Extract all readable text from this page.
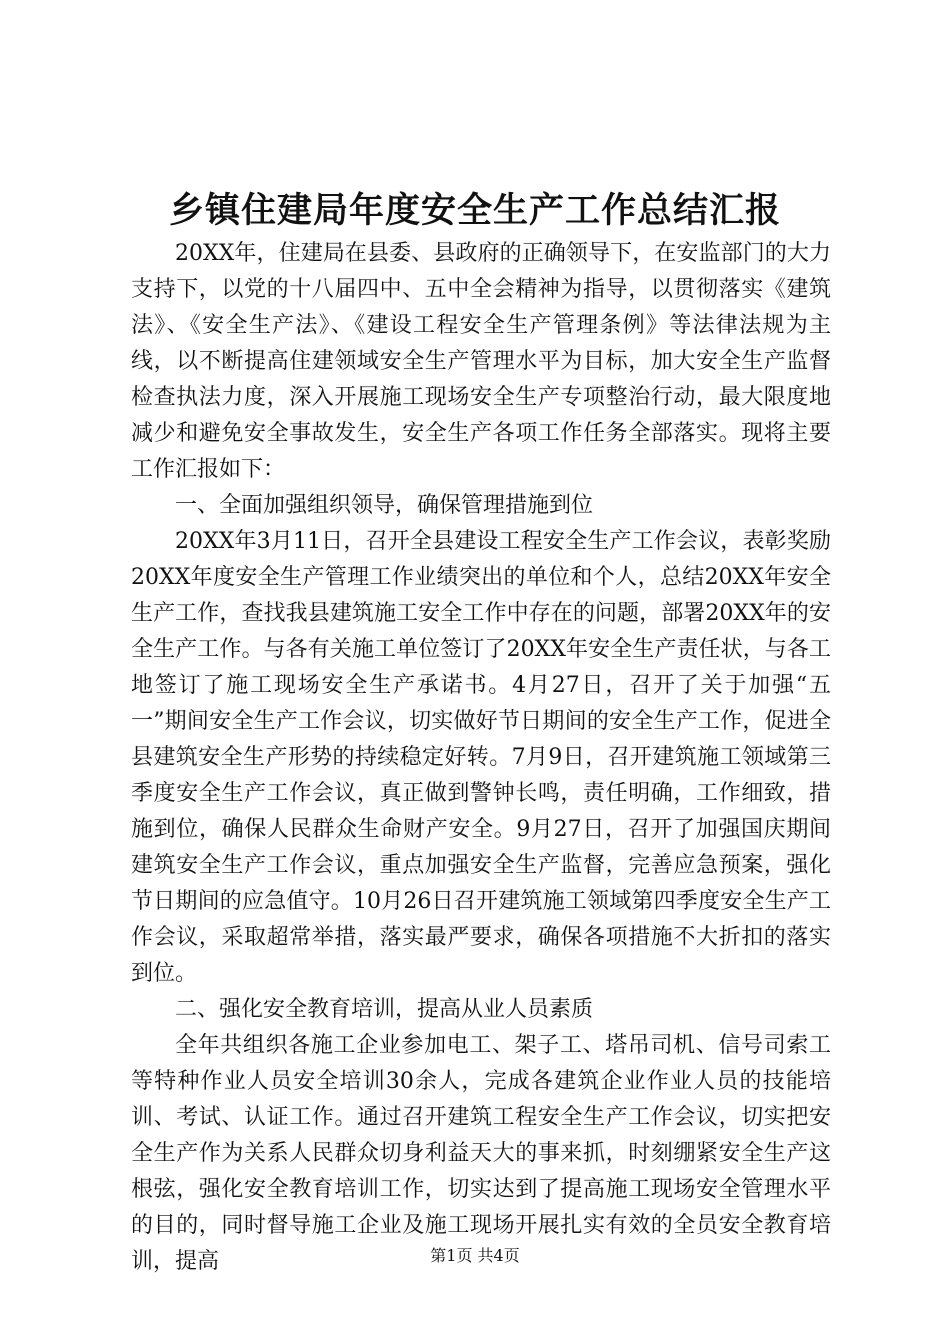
乡镇住建局年度安全生产工作总结汇报

20XX年，住建局在县委、县政府的正确领导下，在安监部门的大力支持下，以党的十八届四中、五中全会精神为指导，以贯彻落实《建筑法》、《安全生产法》、《建设工程安全生产管理条例》等法律法规为主线，以不断提高住建领域安全生产管理水平为目标，加大安全生产监督检查执法力度，深入开展施工现场安全生产专项整治行动，最大限度地减少和避免安全事故发生，安全生产各项工作任务全部落实。现将主要工作汇报如下：

一、全面加强组织领导，确保管理措施到位

20XX年3月11日，召开全县建设工程安全生产工作会议，表彰奖励20XX年度安全生产管理工作业绩突出的单位和个人，总结20XX年安全生产工作，查找我县建筑施工安全工作中存在的问题，部署20XX年的安全生产工作。与各有关施工单位签订了20XX年安全生产责任状，与各工地签订了施工现场安全生产承诺书。4月27日，召开了关于加强“五一”期间安全生产工作会议，切实做好节日期间的安全生产工作，促进全县建筑安全生产形势的持续稳定好转。7月9日，召开建筑施工领域第三季度安全生产工作会议，真正做到警钟长鸣，责任明确，工作细致，措施到位，确保人民群众生命财产安全。9月27日，召开了加强国庆期间建筑安全生产工作会议，重点加强安全生产监督，完善应急预案，强化节日期间的应急值守。10月26日召开建筑施工领域第四季度安全生产工作会议，采取超常举措，落实最严要求，确保各项措施不大折扣的落实到位。

二、强化安全教育培训，提高从业人员素质

全年共组织各施工企业参加电工、架子工、塔吊司机、信号司索工等特种作业人员安全培训30余人，完成各建筑企业作业人员的技能培训、考试、认证工作。通过召开建筑工程安全生产工作会议，切实把安全生产作为关系人民群众切身利益天大的事来抓，时刻绷紧安全生产这根弦，强化安全教育培训工作，切实达到了提高施工现场安全管理水平的目的，同时督导施工企业及施工现场开展扎实有效的全员安全教育培训，提高	第1页 共4页
